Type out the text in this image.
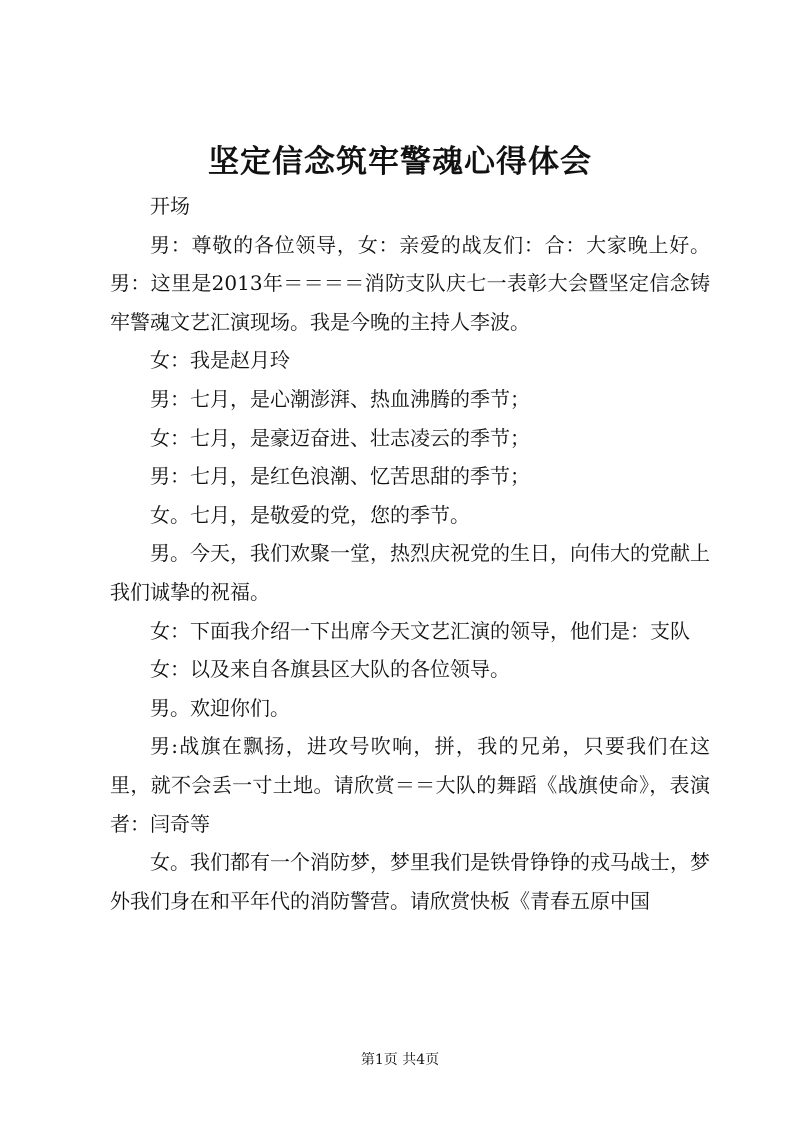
坚定信念筑牢警魂心得体会

开场

男：尊敬的各位领导，女：亲爱的战友们：合：大家晚上好。男：这里是2013年＝＝＝＝消防支队庆七一表彰大会暨坚定信念铸牢警魂文艺汇演现场。我是今晚的主持人李波。

女：我是赵月玲

男：七月，是心潮澎湃、热血沸腾的季节；

女：七月，是豪迈奋进、壮志凌云的季节；

男：七月，是红色浪潮、忆苦思甜的季节；

女。七月，是敬爱的党，您的季节。

男。今天，我们欢聚一堂，热烈庆祝党的生日，向伟大的党献上我们诚挚的祝福。

女：下面我介绍一下出席今天文艺汇演的领导，他们是：支队

女：以及来自各旗县区大队的各位领导。

男。欢迎你们。

男:战旗在飘扬，进攻号吹响，拼，我的兄弟，只要我们在这里，就不会丢一寸土地。请欣赏＝＝大队的舞蹈《战旗使命》，表演者：闫奇等

女。我们都有一个消防梦，梦里我们是铁骨铮铮的戎马战士，梦外我们身在和平年代的消防警营。请欣赏快板《青春五原中国

第1页 共4页
